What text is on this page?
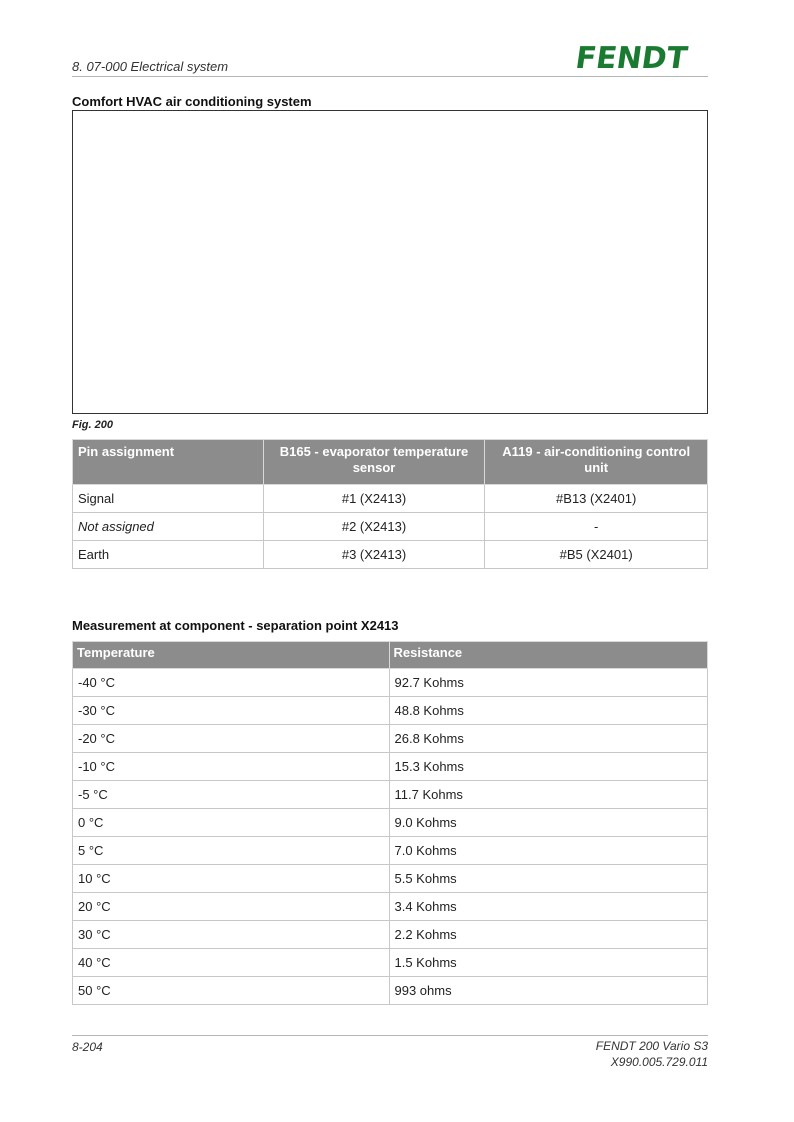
8. 07-000 Electrical system	FENDT
Comfort HVAC air conditioning system
Fig. 200
Pin assignment	B165 - evaporator temperature sensor	A119 - air-conditioning control unit
Signal	#1 (X2413)	#B13 (X2401)
Not assigned	#2 (X2413)	-
Earth	#3 (X2413)	#B5 (X2401)
Measurement at component - separation point X2413
Temperature	Resistance
-40 °C	92.7 Kohms
-30 °C	48.8 Kohms
-20 °C	26.8 Kohms
-10 °C	15.3 Kohms
-5 °C	11.7 Kohms
0 °C	9.0 Kohms
5 °C	7.0 Kohms
10 °C	5.5 Kohms
20 °C	3.4 Kohms
30 °C	2.2 Kohms
40 °C	1.5 Kohms
50 °C	993 ohms
8-204	FENDT 200 Vario S3
X990.005.729.011
